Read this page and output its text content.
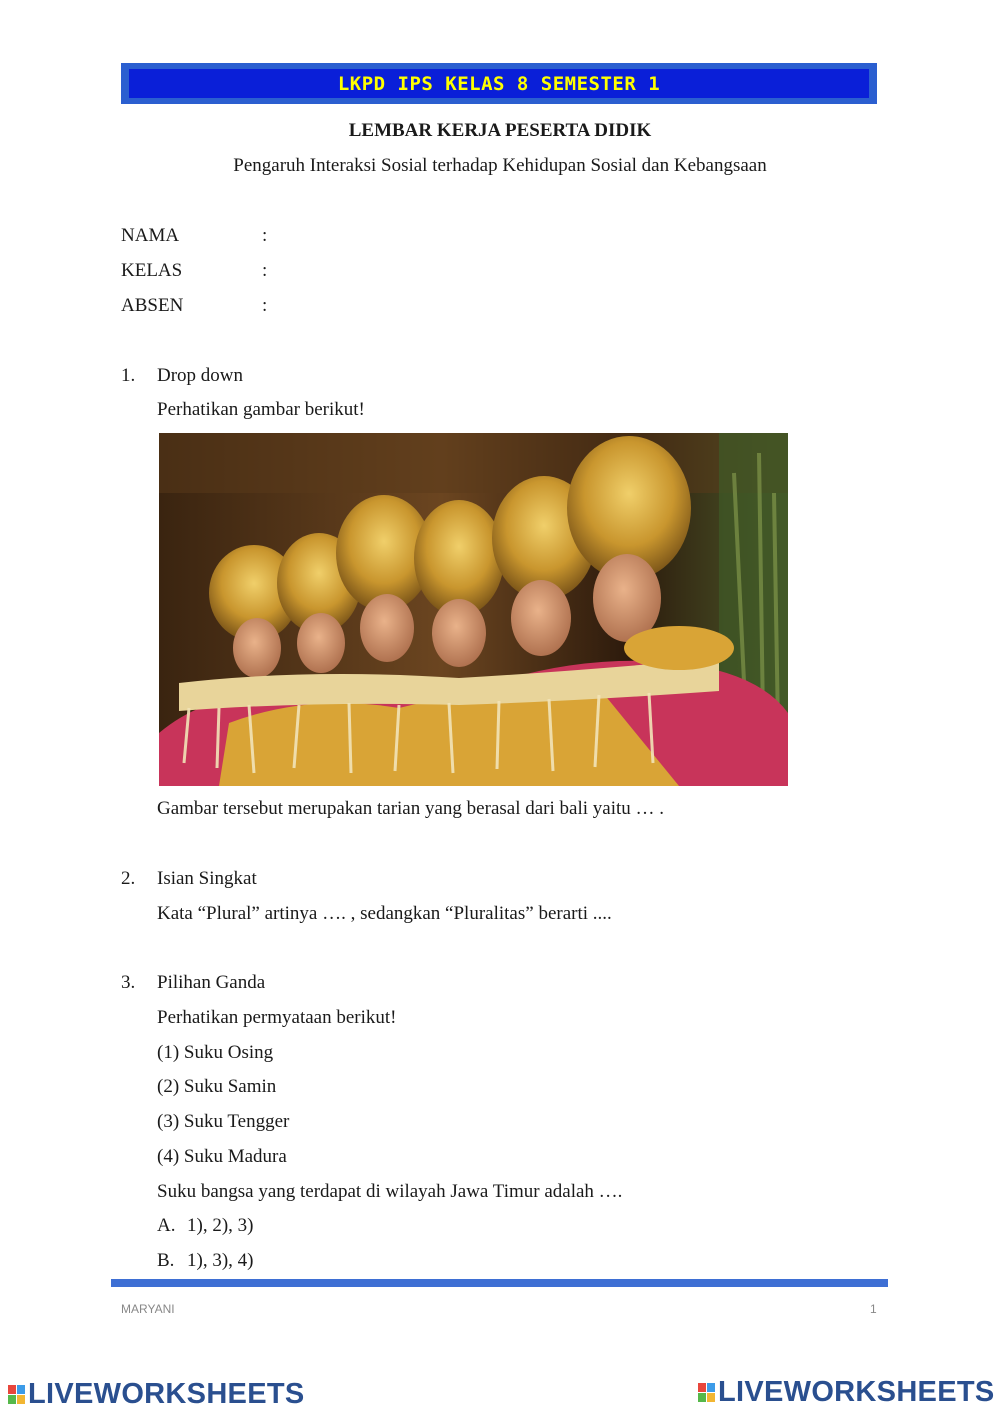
LKPD IPS KELAS 8 SEMESTER 1
LEMBAR KERJA PESERTA DIDIK
Pengaruh Interaksi Sosial terhadap Kehidupan Sosial dan Kebangsaan
NAMA	:
KELAS	:
ABSEN	:
1. Drop down
Perhatikan gambar berikut!
Gambar tersebut merupakan tarian yang berasal dari bali yaitu … .
2. Isian Singkat
Kata “Plural” artinya …. , sedangkan “Pluralitas” berarti ....
3. Pilihan Ganda
Perhatikan permyataan berikut!
(1) Suku Osing
(2) Suku Samin
(3) Suku Tengger
(4) Suku Madura
Suku bangsa yang terdapat di wilayah Jawa Timur adalah ….
A. 1), 2), 3)
B. 1), 3), 4)
MARYANI	1
LIVEWORKSHEETS	LIVEWORKSHEETS
